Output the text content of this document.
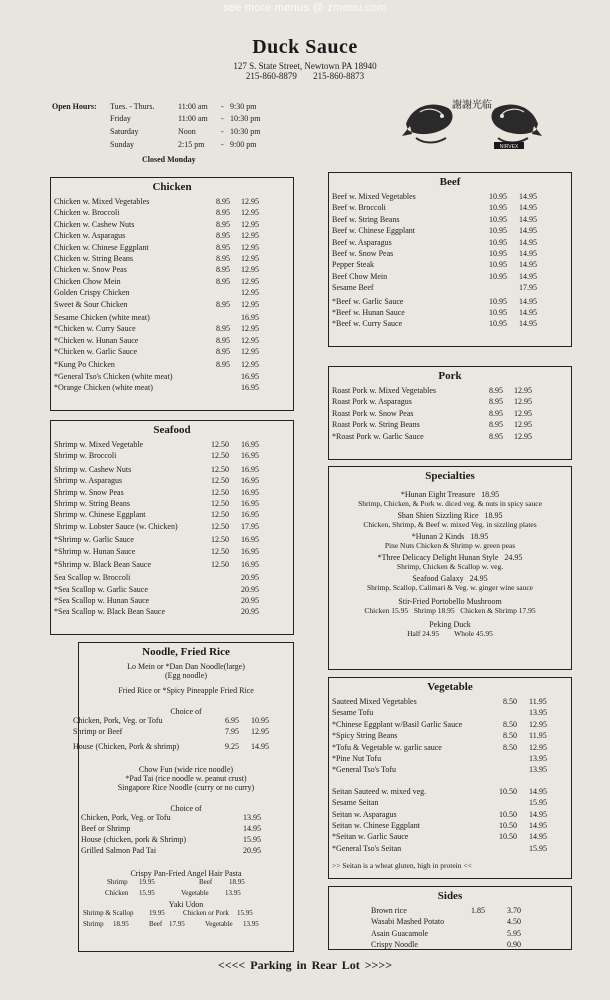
see more menus @ zmenu.com
Duck Sauce
127 S. State Street, Newtown PA 18940
215-860-8879 215-860-8873
Open Hours: Tues. - Thurs.	11:00 am - 9:30 pm
Friday	11:00 am - 10:30 pm
Saturday	Noon	- 10:30 pm
Sunday	2:15 pm - 9:00 pm
Closed Monday
謝謝光临
NIRVEX
Chicken
Chicken w. Mixed Vegetables	8.95 12.95
Chicken w. Broccoli	8.95 12.95
Chicken w. Cashew Nuts	8.95 12.95
Chicken w. Asparagus	8.95 12.95
Chicken w. Chinese Eggplant	8.95 12.95
Chicken w. String Beans	8.95 12.95
Chicken w. Snow Peas	8.95 12.95
Chicken Chow Mein	8.95 12.95
Golden Crispy Chicken	12.95
Sweet & Sour Chicken	8.95 12.95
Sesame Chicken (white meat)	16.95
*Chicken w. Curry Sauce	8.95 12.95
*Chicken w. Hunan Sauce	8.95 12.95
*Chicken w. Garlic Sauce	8.95 12.95
*Kung Po Chicken	8.95 12.95
*General Tso's Chicken (white meat)	16.95
*Orange Chicken (white meat)	16.95
Seafood
Shrimp w. Mixed Vegetable	12.50 16.95
Shrimp w. Broccoli	12.50 16.95
Shrimp w. Cashew Nuts	12.50 16.95
Shrimp w. Asparagus	12.50 16.95
Shrimp w. Snow Peas	12.50 16.95
Shrimp w. String Beans	12.50 16.95
Shrimp w. Chinese Eggplant	12.50 16.95
Shrimp w. Lobster Sauce (w. Chicken)	12.50 17.95
*Shrimp w. Garlic Sauce	12.50 16.95
*Shrimp w. Hunan Sauce	12.50 16.95
*Shrimp w. Black Bean Sauce	12.50 16.95
Sea Scallop w. Broccoli	20.95
*Sea Scallop w. Garlic Sauce	20.95
*Sea Scallop w. Hunan Sauce	20.95
*Sea Scallop w. Black Bean Sauce	20.95
Noodle, Fried Rice
Lo Mein or *Dan Dan Noodle(large)
(Egg noodle)
Fried Rice or *Spicy Pineapple Fried Rice
Choice of
Chicken, Pork, Veg. or Tofu	6.95 10.95
Shrimp or Beef	7.95 12.95
House (Chicken, Pork & shrimp)	9.25 14.95
Chow Fun (wide rice noodle)
*Pad Tai (rice noodle w. peanut crust)
Singapore Rice Noodle (curry or no curry)
Choice of
Chicken, Pork, Veg. or Tofu	13.95
Beef or Shrimp	14.95
House (chicken, pork & Shrimp)	15.95
Grilled Salmon Pad Tai	20.95
Crispy Pan-Fried Angel Hair Pasta
Shrimp 19.95	Beef 18.95
Chicken 15.95	Vegetable 13.95
Yaki Udon
Shrimp & Scallop 19.95	Chicken or Pork 15.95
Shrimp 18.95	Beef 17.95	Vegetable 13.95
Beef
Beef w. Mixed Vegetables	10.95 14.95
Beef w. Broccoli	10.95 14.95
Beef w. String Beans	10.95 14.95
Beef w. Chinese Eggplant	10.95 14.95
Beef w. Asparagus	10.95 14.95
Beef w. Snow Peas	10.95 14.95
Pepper Steak	10.95 14.95
Beef Chow Mein	10.95 14.95
Sesame Beef	17.95
*Beef w. Garlic Sauce	10.95 14.95
*Beef w. Hunan Sauce	10.95 14.95
*Beef w. Curry Sauce	10.95 14.95
Pork
Roast Pork w. Mixed Vegetables	8.95 12.95
Roast Pork w. Asparagus	8.95 12.95
Roast Pork w. Snow Peas	8.95 12.95
Roast Pork w. String Beans	8.95 12.95
*Roast Pork w. Garlic Sauce	8.95 12.95
Specialties
*Hunan Eight Treasure 18.95
Shrimp, Chicken, & Pork w. diced veg. & nuts in spicy sauce
Shan Shien Sizzling Rice 18.95
Chicken, Shrimp, & Beef w. mixed Veg. in sizzling plates
*Hunan 2 Kinds 18.95
Pine Nuts Chicken & Shrimp w. green peas
*Three Delicacy Delight Hunan Style 24.95
Shrimp, Chicken & Scallop w. veg.
Seafood Galaxy 24.95
Shrimp, Scallop, Calimari & Veg. w. ginger wine sauce
Stir-Fried Portobello Mushroom
Chicken 15.95 Shrimp 18.95 Chicken & Shrimp 17.95
Peking Duck
Half 24.95 Whole 45.95
Vegetable
Sauteed Mixed Vegetables	8.50 11.95
Sesame Tofu	13.95
*Chinese Eggplant w/Basil Garlic Sauce	8.50 12.95
*Spicy String Beans	8.50 11.95
*Tofu & Vegetable w. garlic sauce	8.50 12.95
*Pine Nut Tofu	13.95
*General Tso's Tofu	13.95
Seitan Sauteed w. mixed veg.	10.50 14.95
Sesame Seitan	15.95
Seitan w. Asparagus	10.50 14.95
Seitan w. Chinese Eggplant	10.50 14.95
*Seitan w. Garlic Sauce	10.50 14.95
*General Tso's Seitan	15.95
>> Seitan is a wheat gluten, high in protein <<
Sides
Brown rice	1.85	3.70
Wasabi Mashed Potato	4.50
Asain Guacamole	5.95
Crispy Noodle	0.90
<<<< Parking in Rear Lot >>>>
